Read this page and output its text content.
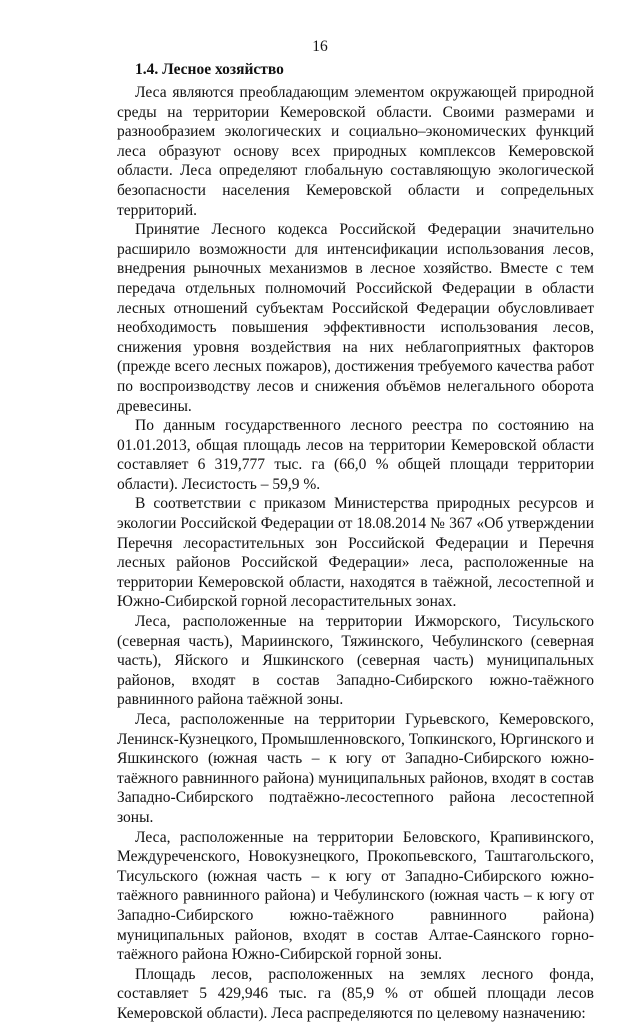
16
1.4. Лесное хозяйство

Леса являются преобладающим элементом окружающей природной среды на территории Кемеровской области. Своими размерами и разнообразием экологических и социально–экономических функций леса образуют основу всех природных комплексов Кемеровской области. Леса определяют глобальную составляющую экологической безопасности населения Кемеровской области и сопредельных территорий.

Принятие Лесного кодекса Российской Федерации значительно расширило возможности для интенсификации использования лесов, внедрения рыночных механизмов в лесное хозяйство. Вместе с тем передача отдельных полномочий Российской Федерации в области лесных отношений субъектам Российской Федерации обусловливает необходимость повышения эффективности использования лесов, снижения уровня воздействия на них неблагоприятных факторов (прежде всего лесных пожаров), достижения требуемого качества работ по воспроизводству лесов и снижения объёмов нелегального оборота древесины.

По данным государственного лесного реестра по состоянию на 01.01.2013, общая площадь лесов на территории Кемеровской области составляет 6 319,777 тыс. га (66,0 % общей площади территории области). Лесистость – 59,9 %.

В соответствии с приказом Министерства природных ресурсов и экологии Российской Федерации от 18.08.2014 № 367 «Об утверждении Перечня лесорастительных зон Российской Федерации и Перечня лесных районов Российской Федерации» леса, расположенные на территории Кемеровской области, находятся в таёжной, лесостепной и Южно-Сибирской горной лесорастительных зонах.

Леса, расположенные на территории Ижморского, Тисульского (северная часть), Мариинского, Тяжинского, Чебулинского (северная часть), Яйского и Яшкинского (северная часть) муниципальных районов, входят в состав Западно-Сибирского южно-таёжного равнинного района таёжной зоны.

Леса, расположенные на территории Гурьевского, Кемеровского, Ленинск-Кузнецкого, Промышленновского, Топкинского, Юргинского и Яшкинского (южная часть – к югу от Западно-Сибирского южно-таёжного равнинного района) муниципальных районов, входят в состав Западно-Сибирского подтаёжно-лесостепного района лесостепной зоны.

Леса, расположенные на территории Беловского, Крапивинского, Междуреченского, Новокузнецкого, Прокопьевского, Таштагольского, Тисульского (южная часть – к югу от Западно-Сибирского южно-таёжного равнинного района) и Чебулинского (южная часть – к югу от Западно-Сибирского южно-таёжного равнинного района) муниципальных районов, входят в состав Алтае-Саянского горно-таёжного района Южно-Сибирской горной зоны.

Площадь лесов, расположенных на землях лесного фонда, составляет 5 429,946 тыс. га (85,9 % от обшей площади лесов Кемеровской области). Леса распределяются по целевому назначению:
